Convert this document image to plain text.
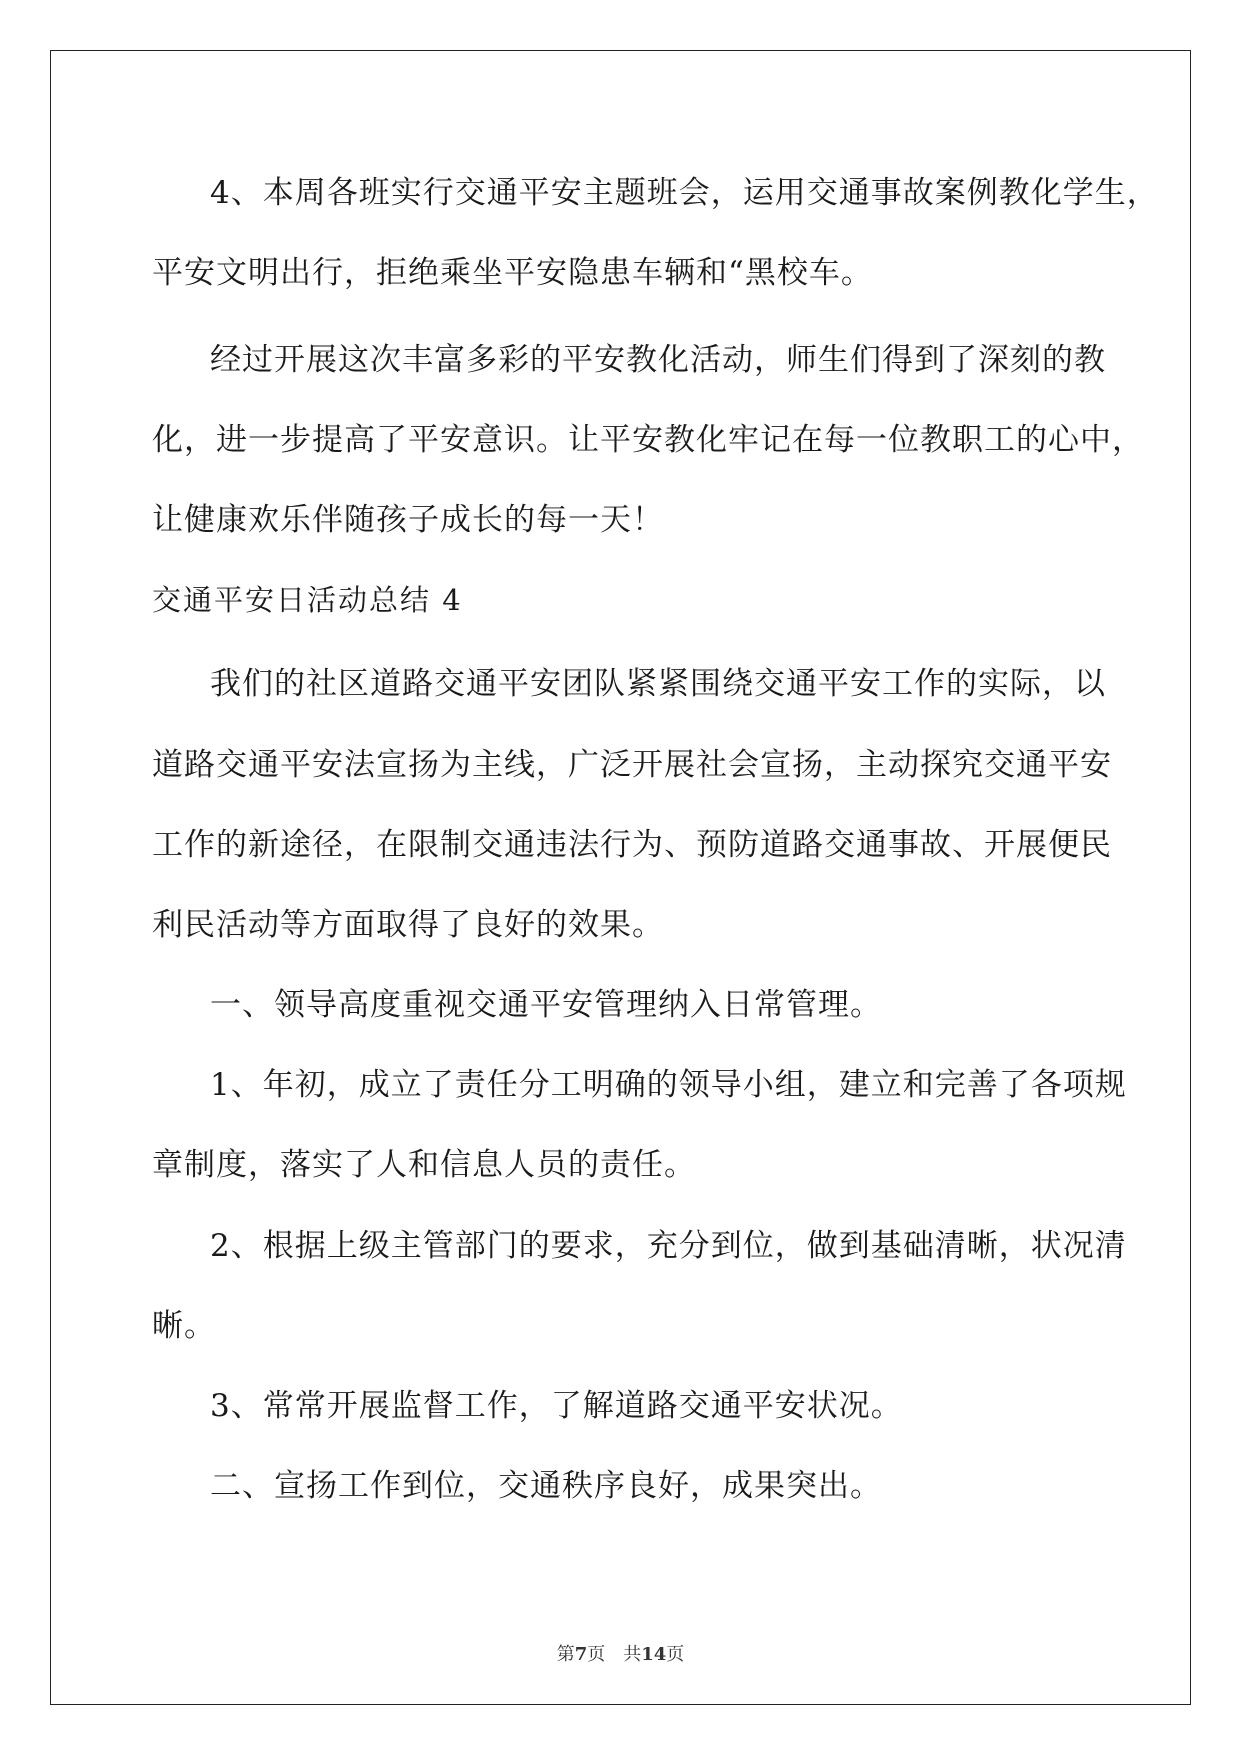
4、本周各班实行交通平安主题班会，运用交通事故案例教化学生，
平安文明出行，拒绝乘坐平安隐患车辆和“黑校车。
经过开展这次丰富多彩的平安教化活动，师生们得到了深刻的教
化，进一步提高了平安意识。让平安教化牢记在每一位教职工的心中，
让健康欢乐伴随孩子成长的每一天！
交通平安日活动总结 4
我们的社区道路交通平安团队紧紧围绕交通平安工作的实际，以
道路交通平安法宣扬为主线，广泛开展社会宣扬，主动探究交通平安
工作的新途径，在限制交通违法行为、预防道路交通事故、开展便民
利民活动等方面取得了良好的效果。
一、领导高度重视交通平安管理纳入日常管理。
1、年初，成立了责任分工明确的领导小组，建立和完善了各项规
章制度，落实了人和信息人员的责任。
2、根据上级主管部门的要求，充分到位，做到基础清晰，状况清
晰。
3、常常开展监督工作，了解道路交通平安状况。
二、宣扬工作到位，交通秩序良好，成果突出。
第7页 共14页
